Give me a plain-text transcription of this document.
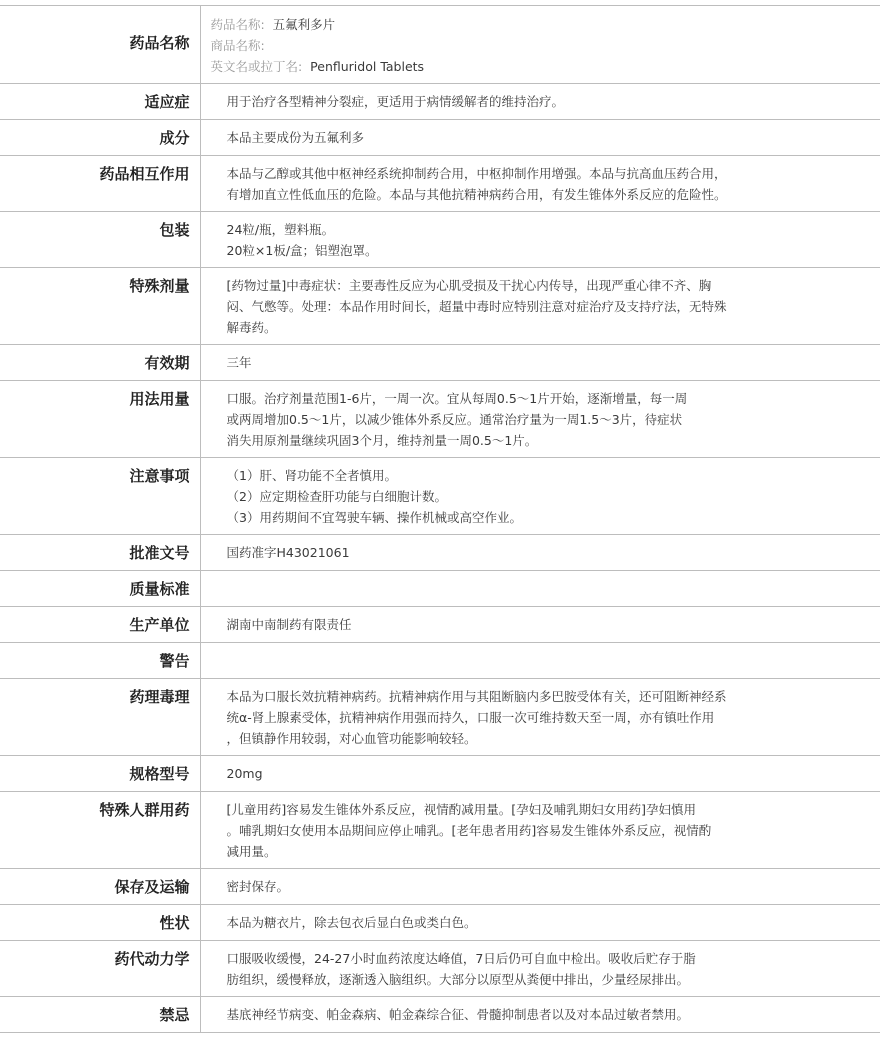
药品名称	药品名称: 五氟利多片
商品名称:
英文名或拉丁名: Penfluridol Tablets

适应症	用于治疗各型精神分裂症，更适用于病情缓解者的维持治疗。

成分	本品主要成份为五氟利多

药品相互作用	本品与乙醇或其他中枢神经系统抑制药合用，中枢抑制作用增强。本品与抗高血压药合用，
有增加直立性低血压的危险。本品与其他抗精神病药合用，有发生锥体外系反应的危险性。

包装	24粒/瓶，塑料瓶。
20粒×1板/盒；铝塑泡罩。

特殊剂量	[药物过量]中毒症状：主要毒性反应为心肌受损及干扰心内传导，出现严重心律不齐、胸
闷、气憋等。处理：本品作用时间长，超量中毒时应特别注意对症治疗及支持疗法，无特殊
解毒药。

有效期	三年

用法用量	口服。治疗剂量范围1-6片，一周一次。宜从每周0.5～1片开始，逐渐增量，每一周
或两周增加0.5～1片，以减少锥体外系反应。通常治疗量为一周1.5～3片，待症状
消失用原剂量继续巩固3个月，维持剂量一周0.5～1片。

注意事项	（1）肝、肾功能不全者慎用。
（2）应定期检查肝功能与白细胞计数。
（3）用药期间不宜驾驶车辆、操作机械或高空作业。

批准文号	国药准字H43021061

质量标准	

生产单位	湖南中南制药有限责任

警告	

药理毒理	本品为口服长效抗精神病药。抗精神病作用与其阻断脑内多巴胺受体有关，还可阻断神经系
统α-肾上腺素受体，抗精神病作用强而持久，口服一次可维持数天至一周，亦有镇吐作用
，但镇静作用较弱，对心血管功能影响较轻。

规格型号	20mg

特殊人群用药	[儿童用药]容易发生锥体外系反应，视情酌减用量。[孕妇及哺乳期妇女用药]孕妇慎用
。哺乳期妇女使用本品期间应停止哺乳。[老年患者用药]容易发生锥体外系反应，视情酌
减用量。

保存及运输	密封保存。

性状	本品为糖衣片，除去包衣后显白色或类白色。

药代动力学	口服吸收缓慢，24-27小时血药浓度达峰值，7日后仍可自血中检出。吸收后贮存于脂
肪组织，缓慢释放，逐渐透入脑组织。大部分以原型从粪便中排出，少量经尿排出。

禁忌	基底神经节病变、帕金森病、帕金森综合征、骨髓抑制患者以及对本品过敏者禁用。
